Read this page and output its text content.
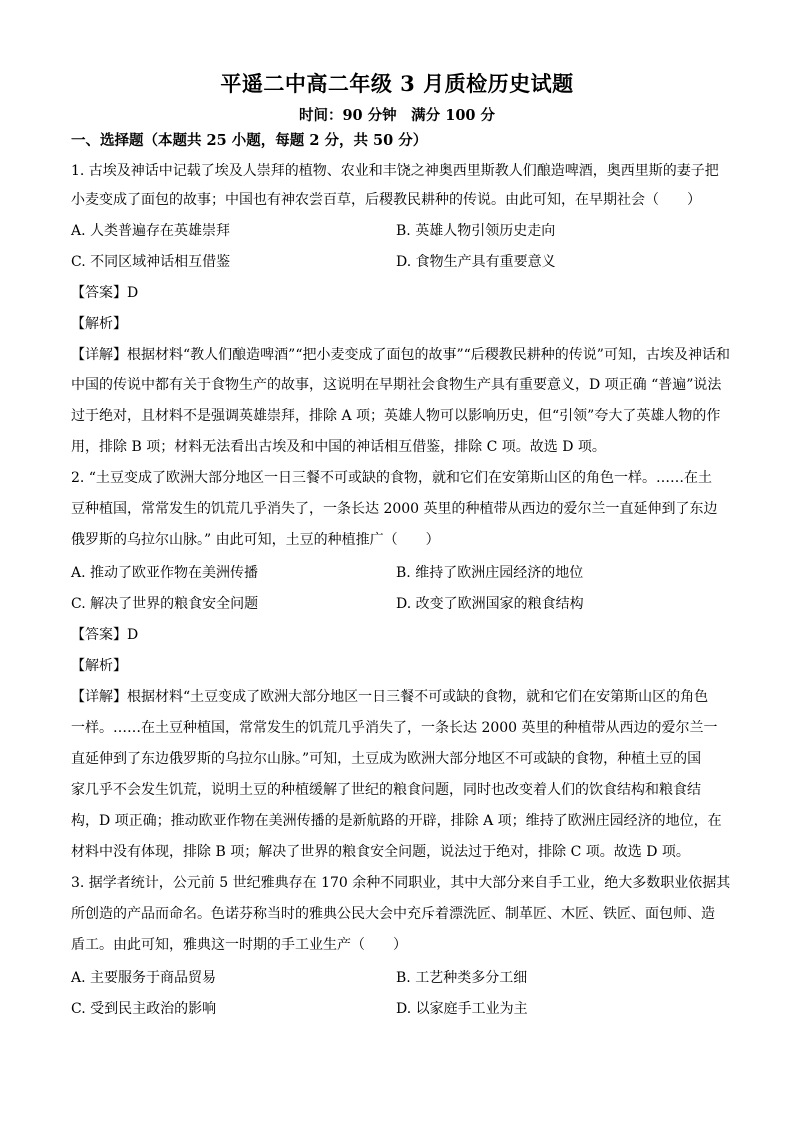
平遥二中高二年级 3 月质检历史试题
时间：90 分钟　满分 100 分
一、选择题（本题共 25 小题，每题 2 分，共 50 分）
1. 古埃及神话中记载了埃及人崇拜的植物、农业和丰饶之神奥西里斯教人们酿造啤酒，奥西里斯的妻子把
小麦变成了面包的故事；中国也有神农尝百草，后稷教民耕种的传说。由此可知，在早期社会（　　）
A. 人类普遍存在英雄崇拜	B. 英雄人物引领历史走向
C. 不同区域神话相互借鉴	D. 食物生产具有重要意义
【答案】D
【解析】
【详解】根据材料“教人们酿造啤酒”“把小麦变成了面包的故事”“后稷教民耕种的传说”可知，古埃及神话和
中国的传说中都有关于食物生产的故事，这说明在早期社会食物生产具有重要意义，D 项正确 “普遍”说法
过于绝对，且材料不是强调英雄崇拜，排除 A 项；英雄人物可以影响历史，但“引领”夸大了英雄人物的作
用，排除 B 项；材料无法看出古埃及和中国的神话相互借鉴，排除 C 项。故选 D 项。
2. “土豆变成了欧洲大部分地区一日三餐不可或缺的食物，就和它们在安第斯山区的角色一样。……在土
豆种植国，常常发生的饥荒几乎消失了，一条长达 2000 英里的种植带从西边的爱尔兰一直延伸到了东边
俄罗斯的乌拉尔山脉。” 由此可知，土豆的种植推广（　　）
A. 推动了欧亚作物在美洲传播	B. 维持了欧洲庄园经济的地位
C. 解决了世界的粮食安全问题	D. 改变了欧洲国家的粮食结构
【答案】D
【解析】
【详解】根据材料“土豆变成了欧洲大部分地区一日三餐不可或缺的食物，就和它们在安第斯山区的角色
一样。……在土豆种植国，常常发生的饥荒几乎消失了，一条长达 2000 英里的种植带从西边的爱尔兰一
直延伸到了东边俄罗斯的乌拉尔山脉。”可知，土豆成为欧洲大部分地区不可或缺的食物，种植土豆的国
家几乎不会发生饥荒，说明土豆的种植缓解了世纪的粮食问题，同时也改变着人们的饮食结构和粮食结
构，D 项正确；推动欧亚作物在美洲传播的是新航路的开辟，排除 A 项；维持了欧洲庄园经济的地位，在
材料中没有体现，排除 B 项；解决了世界的粮食安全问题，说法过于绝对，排除 C 项。故选 D 项。
3. 据学者统计，公元前 5 世纪雅典存在 170 余种不同职业，其中大部分来自手工业，绝大多数职业依据其
所创造的产品而命名。色诺芬称当时的雅典公民大会中充斥着漂洗匠、制革匠、木匠、铁匠、面包师、造
盾工。由此可知，雅典这一时期的手工业生产（　　）
A. 主要服务于商品贸易	B. 工艺种类多分工细
C. 受到民主政治的影响	D. 以家庭手工业为主
